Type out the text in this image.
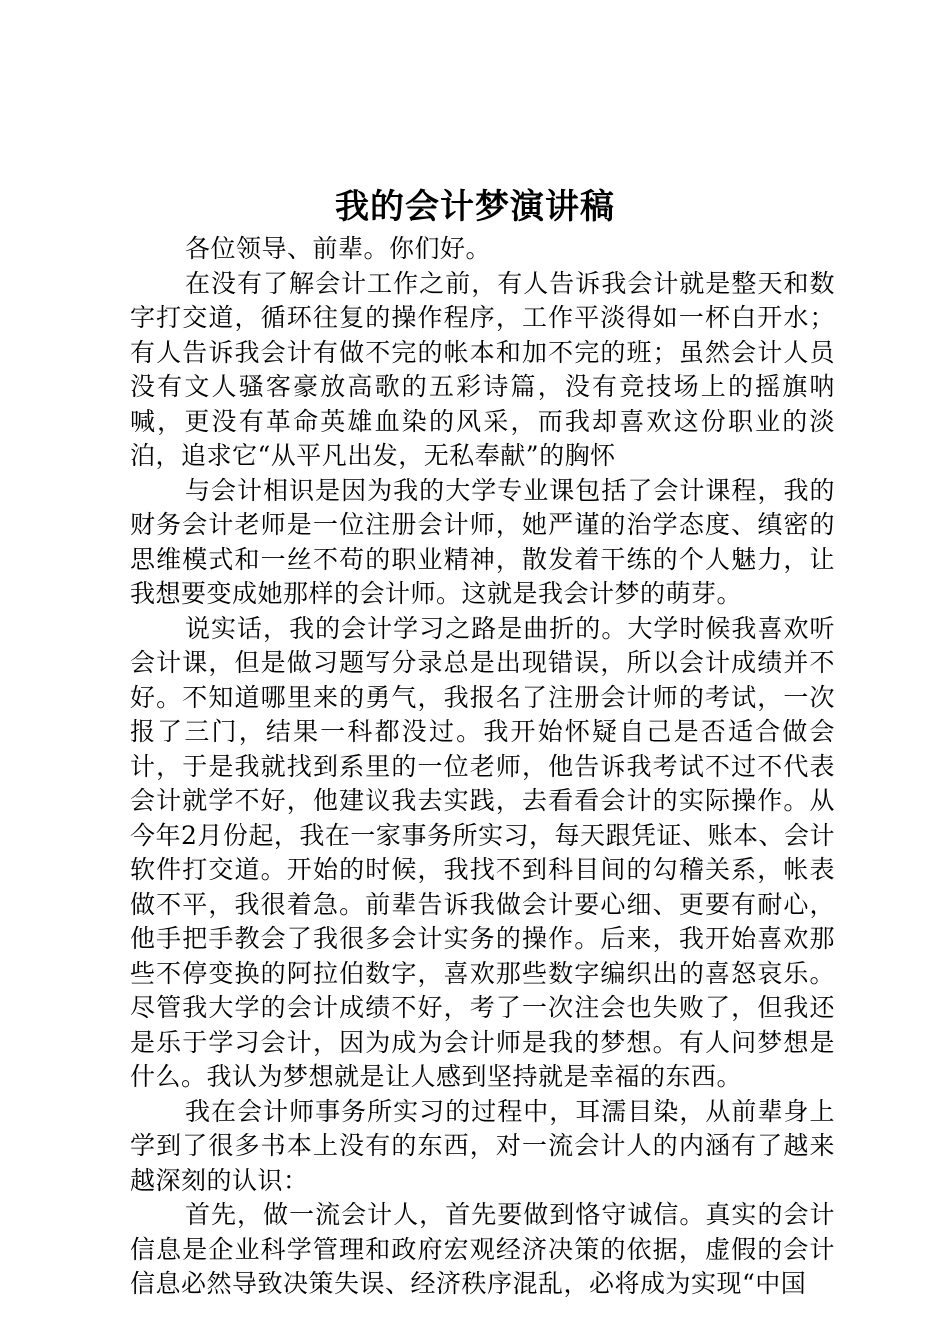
我的会计梦演讲稿

各位领导、前辈。你们好。

在没有了解会计工作之前，有人告诉我会计就是整天和数字打交道，循环往复的操作程序，工作平淡得如一杯白开水；有人告诉我会计有做不完的帐本和加不完的班；虽然会计人员没有文人骚客豪放高歌的五彩诗篇，没有竞技场上的摇旗呐喊，更没有革命英雄血染的风采，而我却喜欢这份职业的淡泊，追求它“从平凡出发，无私奉献”的胸怀

与会计相识是因为我的大学专业课包括了会计课程，我的财务会计老师是一位注册会计师，她严谨的治学态度、缜密的思维模式和一丝不苟的职业精神，散发着干练的个人魅力，让我想要变成她那样的会计师。这就是我会计梦的萌芽。

说实话，我的会计学习之路是曲折的。大学时候我喜欢听会计课，但是做习题写分录总是出现错误，所以会计成绩并不好。不知道哪里来的勇气，我报名了注册会计师的考试，一次报了三门，结果一科都没过。我开始怀疑自己是否适合做会计，于是我就找到系里的一位老师，他告诉我考试不过不代表会计就学不好，他建议我去实践，去看看会计的实际操作。从今年2月份起，我在一家事务所实习，每天跟凭证、账本、会计软件打交道。开始的时候，我找不到科目间的勾稽关系，帐表做不平，我很着急。前辈告诉我做会计要心细、更要有耐心，他手把手教会了我很多会计实务的操作。后来，我开始喜欢那些不停变换的阿拉伯数字，喜欢那些数字编织出的喜怒哀乐。尽管我大学的会计成绩不好，考了一次注会也失败了，但我还是乐于学习会计，因为成为会计师是我的梦想。有人问梦想是什么。我认为梦想就是让人感到坚持就是幸福的东西。

我在会计师事务所实习的过程中，耳濡目染，从前辈身上学到了很多书本上没有的东西，对一流会计人的内涵有了越来越深刻的认识：

首先，做一流会计人，首先要做到恪守诚信。真实的会计信息是企业科学管理和政府宏观经济决策的依据，虚假的会计信息必然导致决策失误、经济秩序混乱，必将成为实现“中国
